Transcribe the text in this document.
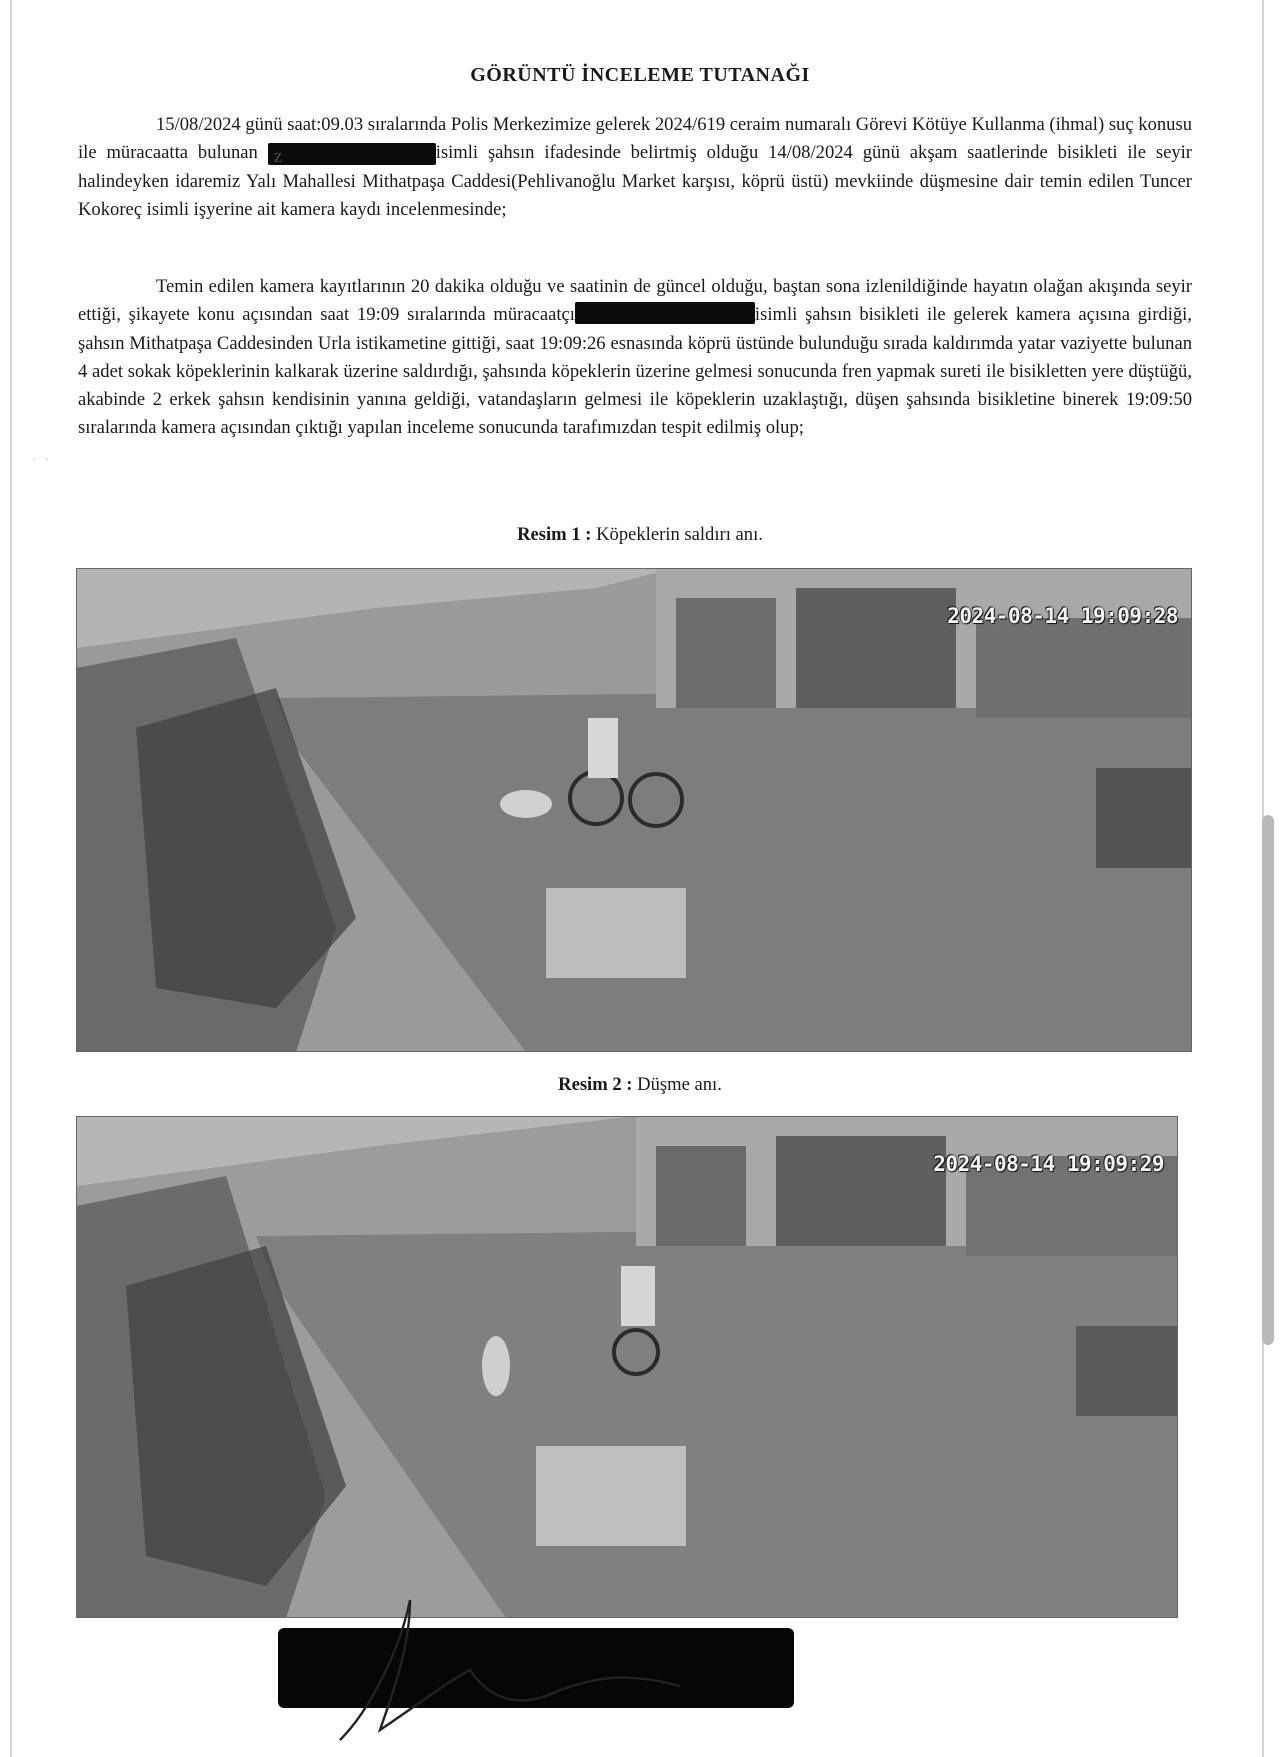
· ·
GÖRÜNTÜ İNCELEME TUTANAĞI

15/08/2024 günü saat:09.03 sıralarında Polis Merkezimize gelerek 2024/619 ceraim numaralı Görevi Kötüye Kullanma (ihmal) suç konusu ile müracaatta bulunan Z	isimli şahsın ifadesinde belirtmiş olduğu 14/08/2024 günü akşam saatlerinde bisikleti ile seyir halindeyken idaremiz Yalı Mahallesi Mithatpaşa Caddesi(Pehlivanoğlu Market karşısı, köprü üstü) mevkiinde düşmesine dair temin edilen Tuncer Kokoreç isimli işyerine ait kamera kaydı incelenmesinde;

Temin edilen kamera kayıtlarının 20 dakika olduğu ve saatinin de güncel olduğu, baştan sona izlenildiğinde hayatın olağan akışında seyir ettiği, şikayete konu açısından saat 19:09 sıralarında müracaatçı	isimli şahsın bisikleti ile gelerek kamera açısına girdiği, şahsın Mithatpaşa Caddesinden Urla istikametine gittiği, saat 19:09:26 esnasında köprü üstünde bulunduğu sırada kaldırımda yatar vaziyette bulunan 4 adet sokak köpeklerinin kalkarak üzerine saldırdığı, şahsında köpeklerin üzerine gelmesi sonucunda fren yapmak sureti ile bisikletten yere düştüğü, akabinde 2 erkek şahsın kendisinin yanına geldiği, vatandaşların gelmesi ile köpeklerin uzaklaştığı, düşen şahsında bisikletine binerek 19:09:50 sıralarında kamera açısından çıktığı yapılan inceleme sonucunda tarafımızdan tespit edilmiş olup;

Resim 1 : Köpeklerin saldırı anı.
2024-08-14 19:09:28
Resim 2 : Düşme anı.
2024-08-14 19:09:29
